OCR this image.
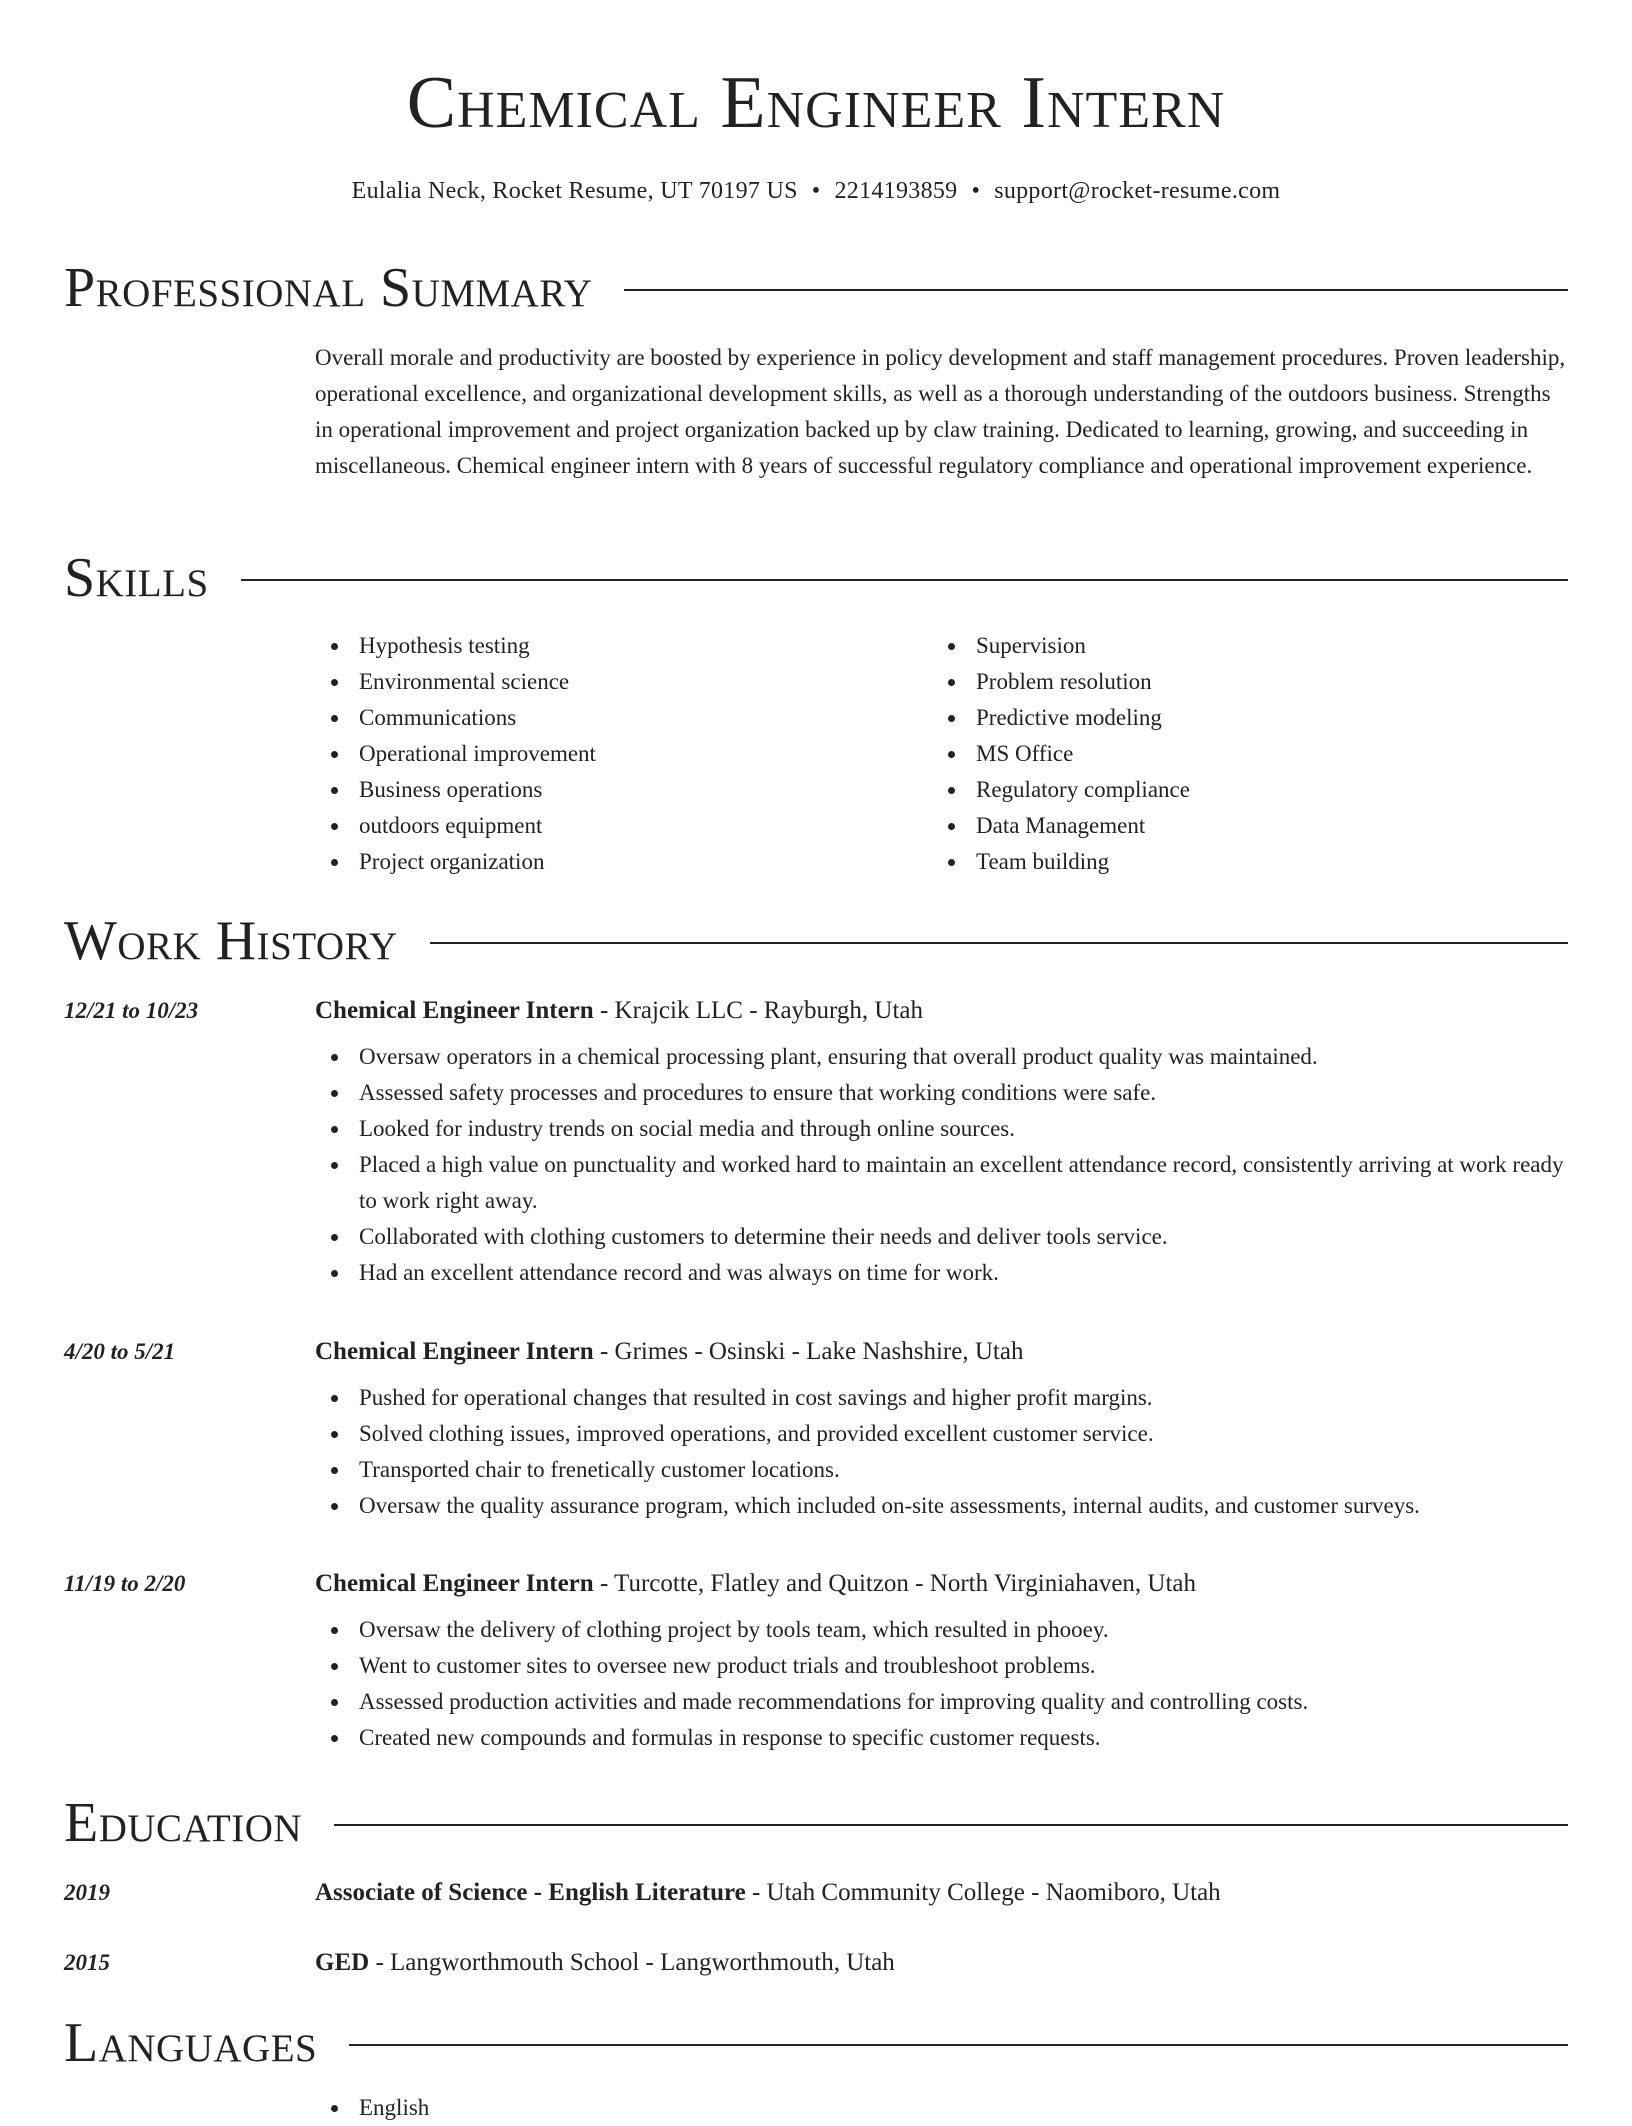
Chemical Engineer Intern
Eulalia Neck, Rocket Resume, UT 70197 US • 2214193859 • support@rocket-resume.com
Professional Summary

Overall morale and productivity are boosted by experience in policy development and staff management procedures. Proven leadership, operational excellence, and organizational development skills, as well as a thorough understanding of the outdoors business. Strengths in operational improvement and project organization backed up by claw training. Dedicated to learning, growing, and succeeding in miscellaneous. Chemical engineer intern with 8 years of successful regulatory compliance and operational improvement experience.

Skills
Hypothesis testing
Environmental science
Communications
Operational improvement
Business operations
outdoors equipment
Project organization
Supervision
Problem resolution
Predictive modeling
MS Office
Regulatory compliance
Data Management
Team building
Work History
12/21 to 10/23	Chemical Engineer Intern - Krajcik LLC - Rayburgh, Utah
Oversaw operators in a chemical processing plant, ensuring that overall product quality was maintained.
Assessed safety processes and procedures to ensure that working conditions were safe.
Looked for industry trends on social media and through online sources.
Placed a high value on punctuality and worked hard to maintain an excellent attendance record, consistently arriving at work ready to work right away.
Collaborated with clothing customers to determine their needs and deliver tools service.
Had an excellent attendance record and was always on time for work.
4/20 to 5/21	Chemical Engineer Intern - Grimes - Osinski - Lake Nashshire, Utah
Pushed for operational changes that resulted in cost savings and higher profit margins.
Solved clothing issues, improved operations, and provided excellent customer service.
Transported chair to frenetically customer locations.
Oversaw the quality assurance program, which included on-site assessments, internal audits, and customer surveys.
11/19 to 2/20	Chemical Engineer Intern - Turcotte, Flatley and Quitzon - North Virginiahaven, Utah
Oversaw the delivery of clothing project by tools team, which resulted in phooey.
Went to customer sites to oversee new product trials and troubleshoot problems.
Assessed production activities and made recommendations for improving quality and controlling costs.
Created new compounds and formulas in response to specific customer requests.
Education
2019	Associate of Science - English Literature - Utah Community College - Naomiboro, Utah
2015	GED - Langworthmouth School - Langworthmouth, Utah
Languages
English
